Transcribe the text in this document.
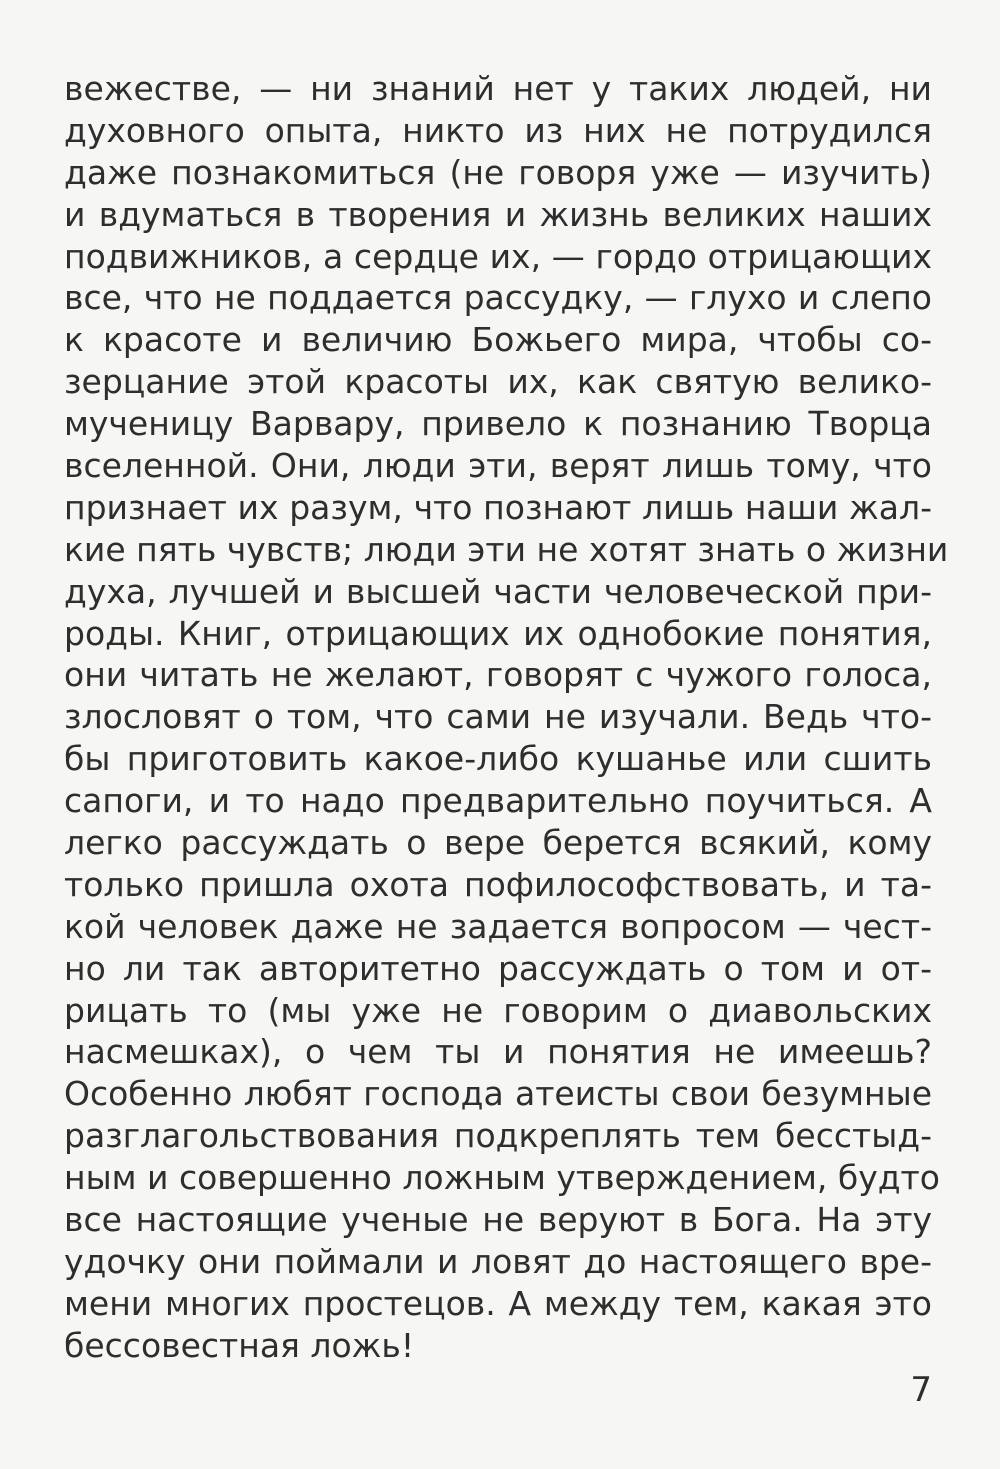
вежестве, — ни знаний нет у таких людей, ни
духовного опыта, никто из них не потрудился
даже познакомиться (не говоря уже — изучить)
и вдуматься в творения и жизнь великих наших
подвижников, а сердце их, — гордо отрицающих
все, что не поддается рассудку, — глухо и слепо
к красоте и величию Божьего мира, чтобы со-
зерцание этой красоты их, как святую велико-
мученицу Варвару, привело к познанию Творца
вселенной. Они, люди эти, верят лишь тому, что
признает их разум, что познают лишь наши жал-
кие пять чувств; люди эти не хотят знать о жизни
духа, лучшей и высшей части человеческой при-
роды. Книг, отрицающих их однобокие понятия,
они читать не желают, говорят с чужого голоса,
злословят о том, что сами не изучали. Ведь что-
бы приготовить какое-либо кушанье или сшить
сапоги, и то надо предварительно поучиться. А
легко рассуждать о вере берется всякий, кому
только пришла охота пофилософствовать, и та-
кой человек даже не задается вопросом — чест-
но ли так авторитетно рассуждать о том и от-
рицать то (мы уже не говорим о диавольских
насмешках), о чем ты и понятия не имеешь?
Особенно любят господа атеисты свои безумные
разглагольствования подкреплять тем бесстыд-
ным и совершенно ложным утверждением, будто
все настоящие ученые не веруют в Бога. На эту
удочку они поймали и ловят до настоящего вре-
мени многих простецов. А между тем, какая это
бессовестная ложь!
7
